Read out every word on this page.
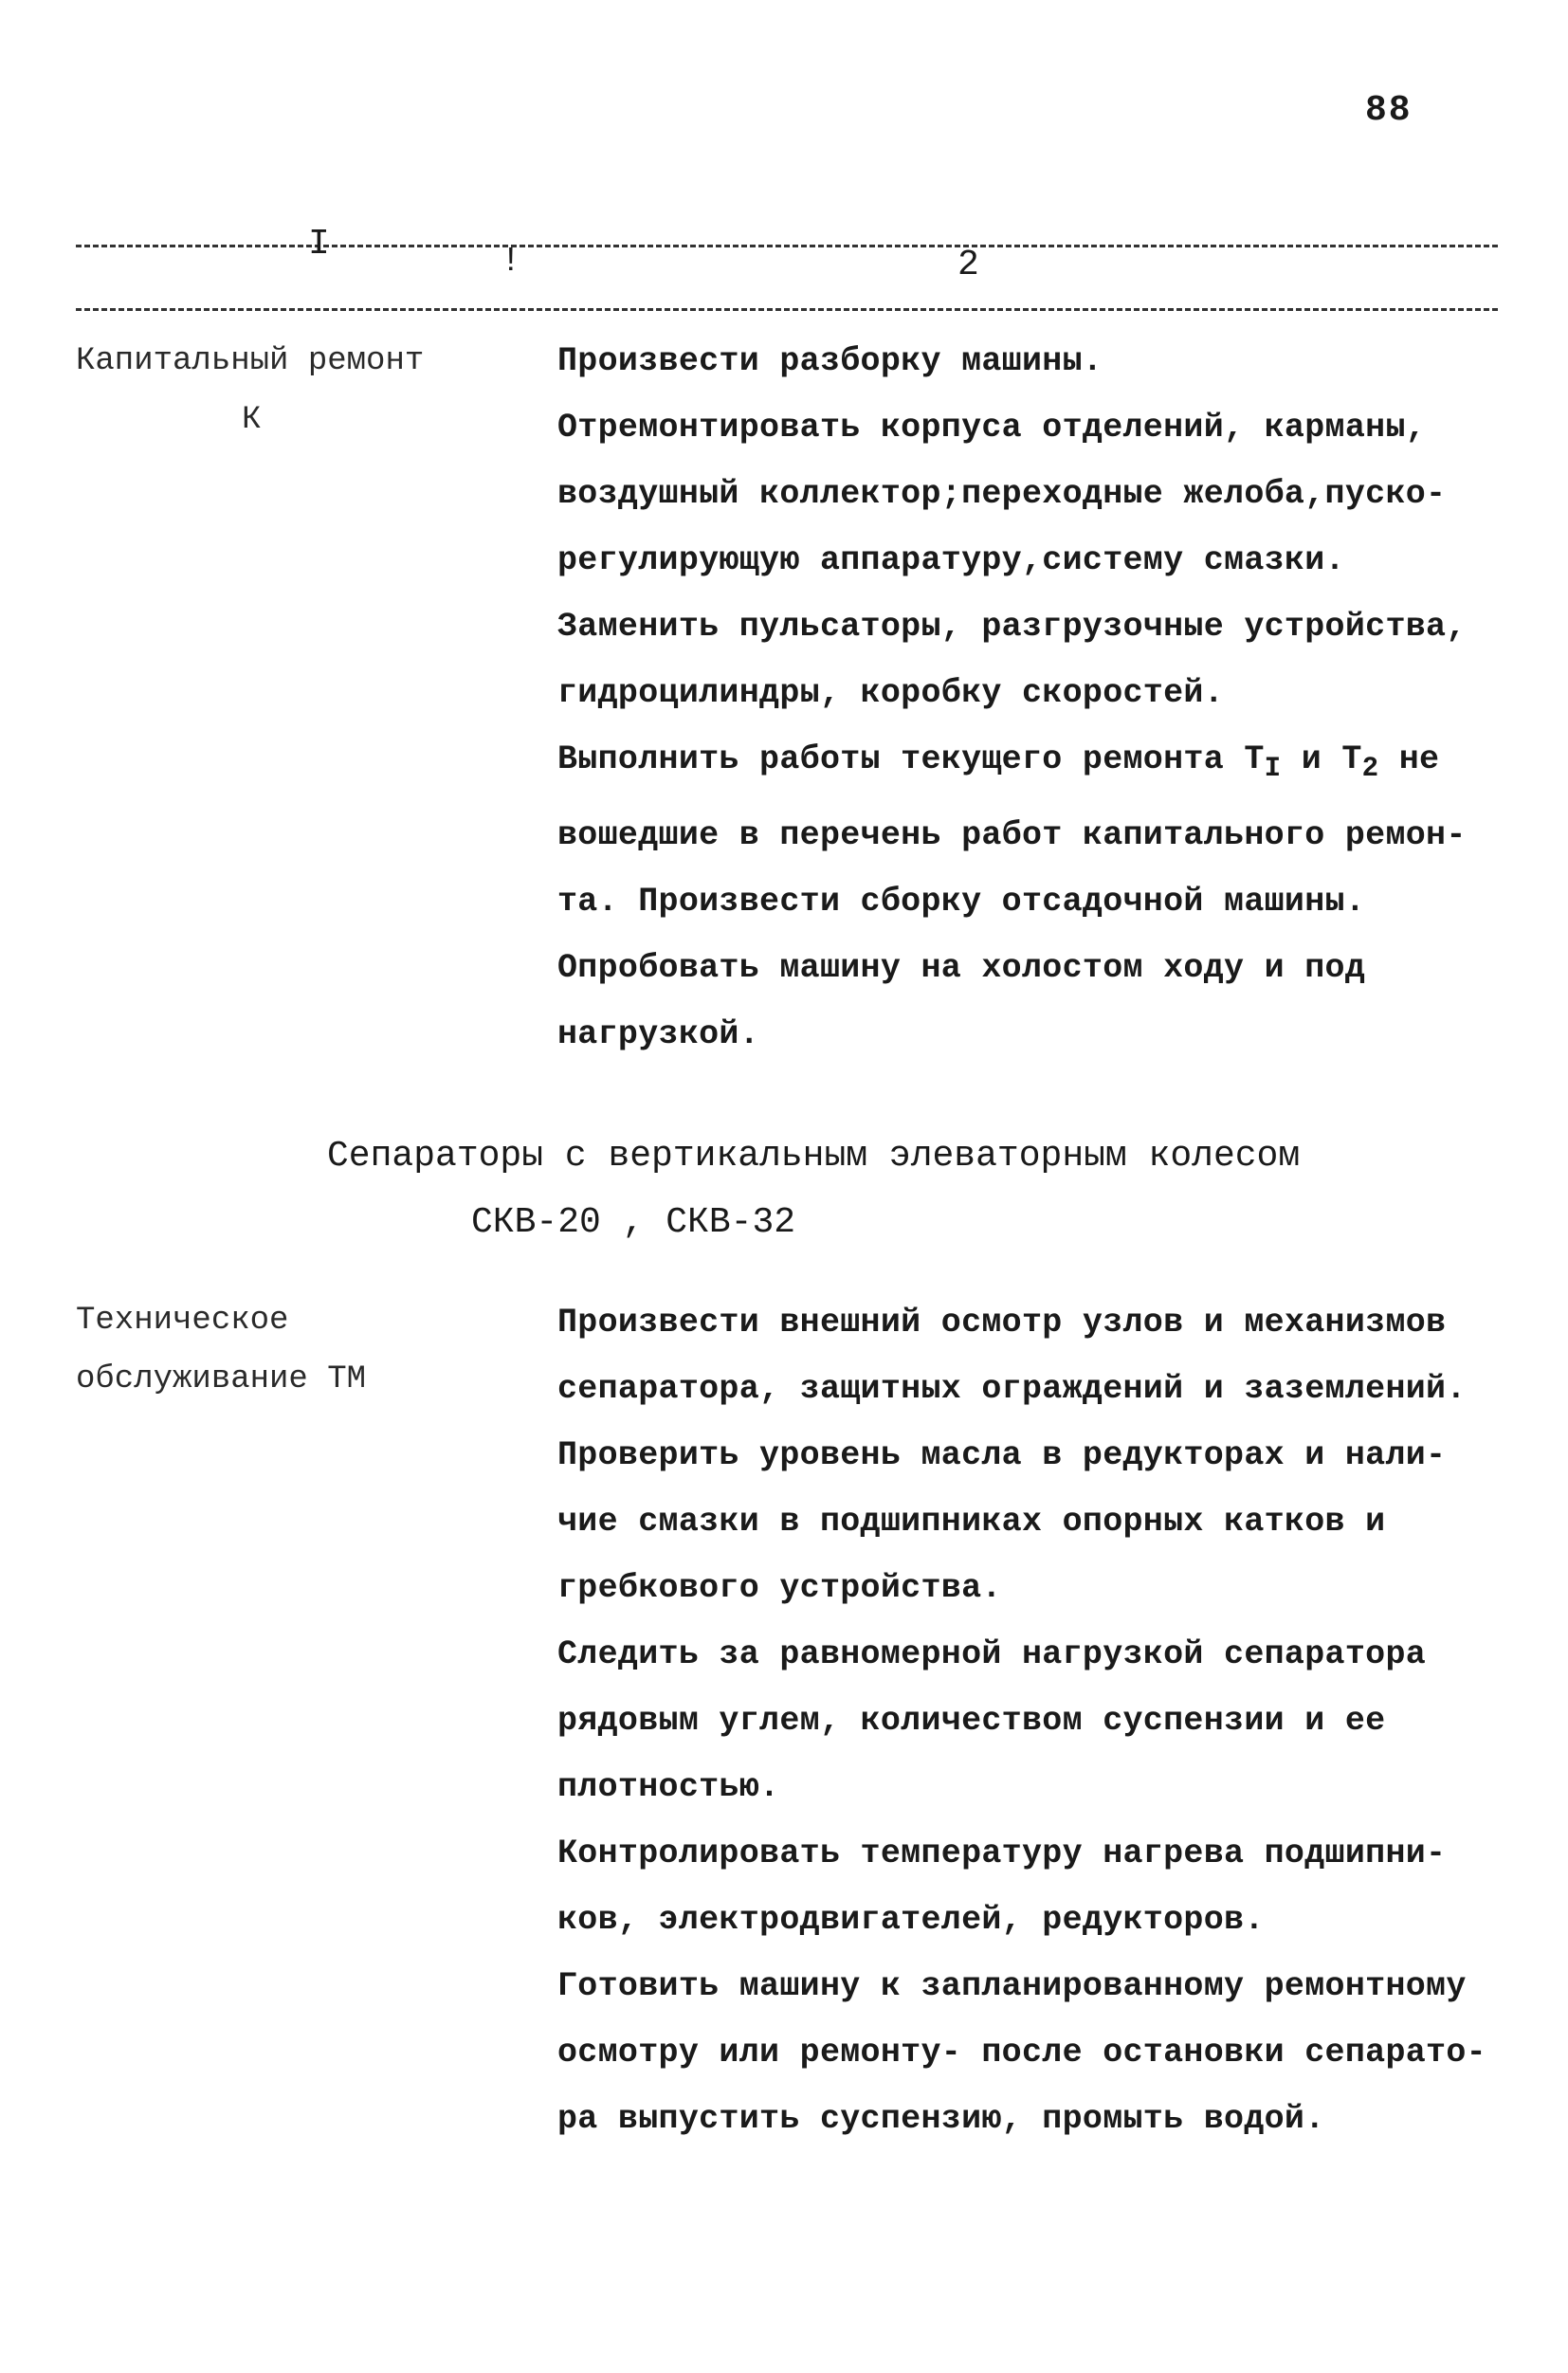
88
I	!	2
Капитальный ремонт
К
Произвести разборку машины.
Отремонтировать корпуса отделений, карманы,
воздушный коллектор;переходные желоба,пуско-
регулирующую аппаратуру,систему смазки.
Заменить пульсаторы, разгрузочные устройства,
гидроцилиндры, коробку скоростей.
Выполнить работы текущего ремонта $Т_I$ и $Т_2$ не
вошедшие в перечень работ капитального ремон-
та. Произвести сборку отсадочной машины.
Опробовать машину на холостом ходу и под
нагрузкой.
Сепараторы с вертикальным элеваторным колесом
СКВ-20 , СКВ-32
Техническое
обслуживание ТМ
Произвести внешний осмотр узлов и механизмов
сепаратора, защитных ограждений и заземлений.
Проверить уровень масла в редукторах и нали-
чие смазки в подшипниках опорных катков и
гребкового устройства.
Следить за равномерной нагрузкой сепаратора
рядовым углем, количеством суспензии и ее
плотностью.
Контролировать температуру нагрева подшипни-
ков, электродвигателей, редукторов.
Готовить машину к запланированному ремонтному
осмотру или ремонту- после остановки сепарато-
ра выпустить суспензию, промыть водой.
